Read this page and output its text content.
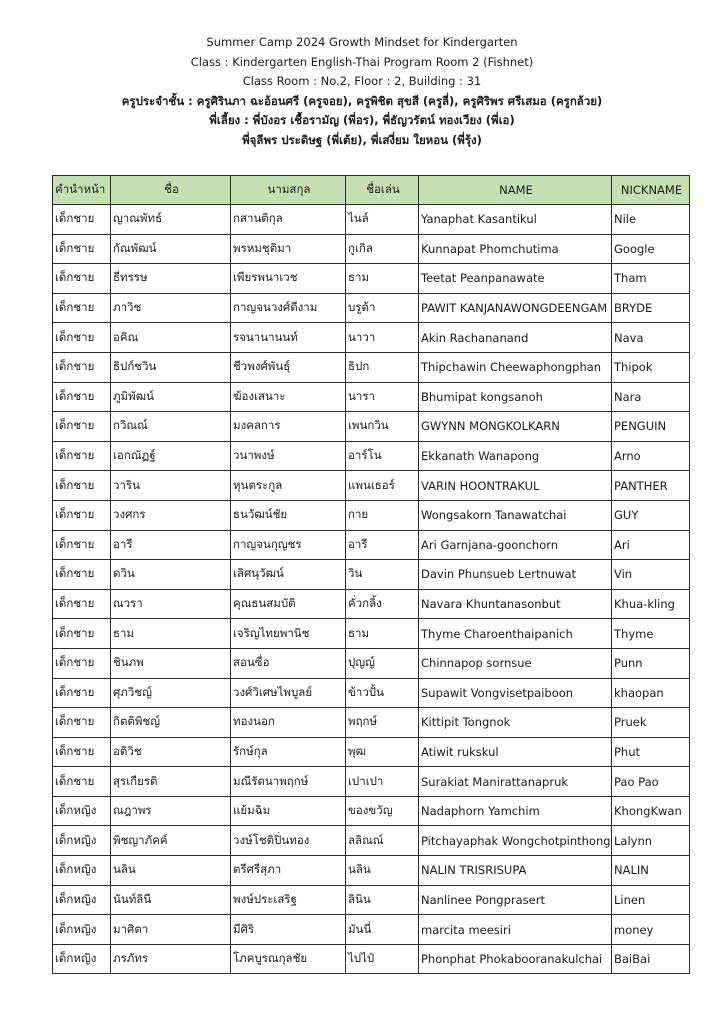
Summer Camp 2024 Growth Mindset for Kindergarten
Class : Kindergarten English-Thai Program Room 2 (Fishnet)
Class Room : No.2, Floor : 2, Building : 31
ครูประจำชั้น : ครูศิรินภา ฉะอ้อนศรี (ครูจอย), ครูพิชิต สุขสี (ครูลี่), ครูศิริพร ศรีเสมอ (ครูกล้วย)
พี่เลี้ยง : พี่บังอร เชื้อรามัญ (พี่อร), พี่ธัญวรัตน์ ทองเวียง (พี่เอ)
พี่จุลีพร ประดิษฐ (พี่เต้ย), พี่เสงี่ยม ใยหอน (พี่รุ้ง)
คำนำหน้า	ชื่อ	นามสกุล	ชื่อเล่น	NAME	NICKNAME
เด็กชาย	ญาณพัทธ์	กสานติกุล	ไนล์	Yanaphat Kasantikul	Nile
เด็กชาย	กัณพัฒน์	พรหมชุติมา	กูเกิล	Kunnapat Phomchutima	Google
เด็กชาย	ธีทรรษ	เพียรพนาเวช	ธาม	Teetat Peanpanawate	Tham
เด็กชาย	ภาวิช	กาญจนวงศ์ดีงาม	บรูด้า	PAWIT KANJANAWONGDEENGAM	BRYDE
เด็กชาย	อคิณ	รจนานานนท์	นาวา	Akin Rachananand	Nava
เด็กชาย	ธิปก์ชวิน	ชีวพงศ์พันธุ์	ธิปก	Thipchawin Cheewaphongphan	Thipok
เด็กชาย	ภูมิพัฒน์	ฆ้องเสนาะ	นารา	Bhumipat kongsanoh	Nara
เด็กชาย	กวิณณ์	มงคลการ	เพนกวิน	GWYNN MONGKOLKARN	PENGUIN
เด็กชาย	เอกณัฏฐ์	วนาพงษ์	อาร์โน	Ekkanath Wanapong	Arno
เด็กชาย	วาริน	หุนตระกูล	แพนเธอร์	VARIN HOONTRAKUL	PANTHER
เด็กชาย	วงศกร	ธนวัฒน์ชัย	กาย	Wongsakorn Tanawatchai	GUY
เด็กชาย	อารี	กาญจนกุญชร	อารี	Ari Garnjana-goonchorn	Ari
เด็กชาย	ดวิน	เลิศนุวัฒน์	วิน	Davin Phunsueb Lertnuwat	Vin
เด็กชาย	ณวรา	คุณธนสมบัติ	คั่วกลิ้ง	Navara Khuntanasonbut	Khua-kling
เด็กชาย	ธาม	เจริญไทยพานิช	ธาม	Thyme Charoenthaipanich	Thyme
เด็กชาย	ชินภพ	สอนซื่อ	ปุญญ์	Chinnapop sornsue	Punn
เด็กชาย	ศุภวิชญ์	วงศ์วิเศษไพบูลย์	ข้าวปั้น	Supawit Vongvisetpaiboon	khaopan
เด็กชาย	กิตติพิชญ์	ทองนอก	พฤกษ์	Kittipit Tongnok	Pruek
เด็กชาย	อติวิช	รักษ์กุล	พุฒ	Atiwit rukskul	Phut
เด็กชาย	สุรเกียรติ	มณีรัตนาพฤกษ์	เปาเปา	Surakiat Manirattanapruk	Pao Pao
เด็กหญิง	ณฎาพร	แย้มฉิม	ของขวัญ	Nadaphorn Yamchim	KhongKwan
เด็กหญิง	พิชญาภัคค์	วงษ์โชติปิ่นทอง	ลลิณณ์	Pitchayaphak Wongchotpinthong	Lalynn
เด็กหญิง	นลิน	ตรีศรีสุภา	นลิน	NALIN TRISRISUPA	NALIN
เด็กหญิง	นันท์ลินี	พงษ์ประเสริฐ	ลินิน	Nanlinee Pongprasert	Linen
เด็กหญิง	มาศิตา	มีศิริ	มันนี่	marcita meesiri	money
เด็กหญิง	ภรภัทร	โภคบูรณกุลชัย	ไปไป๋	Phonphat Phokabooranakulchai	BaiBai
